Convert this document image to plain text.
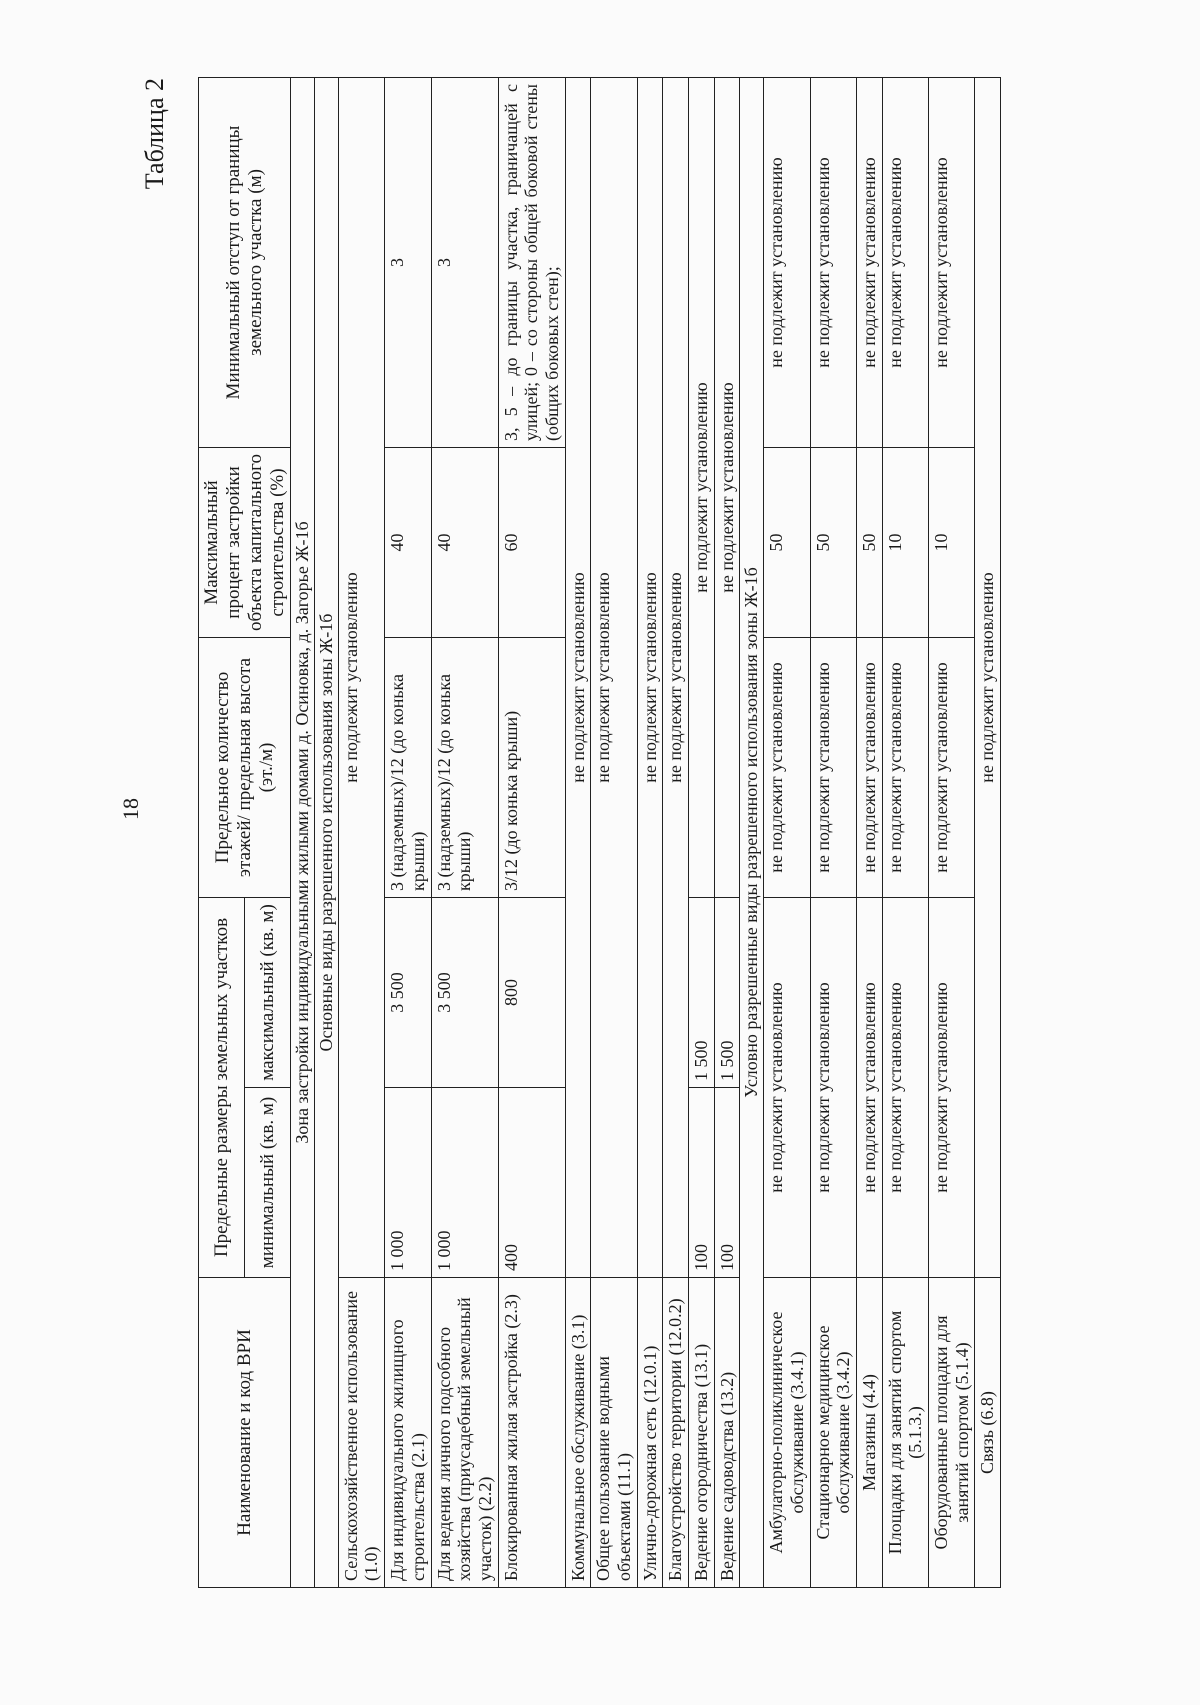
18
Таблица 2
Наименование и код ВРИ	Предельные размеры земельных участков		Предельное количество этажей/ предельная высота (эт./м)	Максимальный процент застройки объекта капитального строительства (%)	Минимальный отступ от границы земельного участка (м)
	минимальный (кв. м)	максимальный (кв. м)			
Зона застройки индивидуальными жилыми домами д. Осиновка, д. Загорье Ж-1б					
Основные виды разрешенного использования зоны Ж-1б					
Сельскохозяйственное использование (1.0)	не подлежит установлению				
Для индивидуального жилищного строительства (2.1)	1 000	3 500	3 (надземных)/12 (до конька крыши)	40	3
Для ведения личного подсобного хозяйства (приусадебный земельный участок) (2.2)	1 000	3 500	3 (надземных)/12 (до конька крыши)	40	3
Блокированная жилая застройка (2.3)	400	800	3/12 (до конька крыши)	60	3, 5 – до границы участка, граничащей с улицей; 0 – со стороны общей боковой стены (общих боковых стен);
Коммунальное обслуживание (3.1)	не подлежит установлению				
Общее пользование водными объектами (11.1)	не подлежит установлению				
Улично-дорожная сеть (12.0.1)	не подлежит установлению				
Благоустройство территории (12.0.2)	не подлежит установлению				
Ведение огородничества (13.1)	100	1 500	не подлежит установлению		
Ведение садоводства (13.2)	100	1 500	не подлежит установлению		
Условно разрешенные виды разрешенного использования зоны Ж-1б					
Амбулаторно-поликлиническое обслуживание (3.4.1)	не подлежит установлению		не подлежит установлению	50	не подлежит установлению
Стационарное медицинское обслуживание (3.4.2)	не подлежит установлению		не подлежит установлению	50	не подлежит установлению
Магазины (4.4)	не подлежит установлению		не подлежит установлению	50	не подлежит установлению
Площадки для занятий спортом (5.1.3.)	не подлежит установлению		не подлежит установлению	10	не подлежит установлению
Оборудованные площадки для занятий спортом (5.1.4)	не подлежит установлению		не подлежит установлению	10	не подлежит установлению
Связь (6.8)	не подлежит установлению				
